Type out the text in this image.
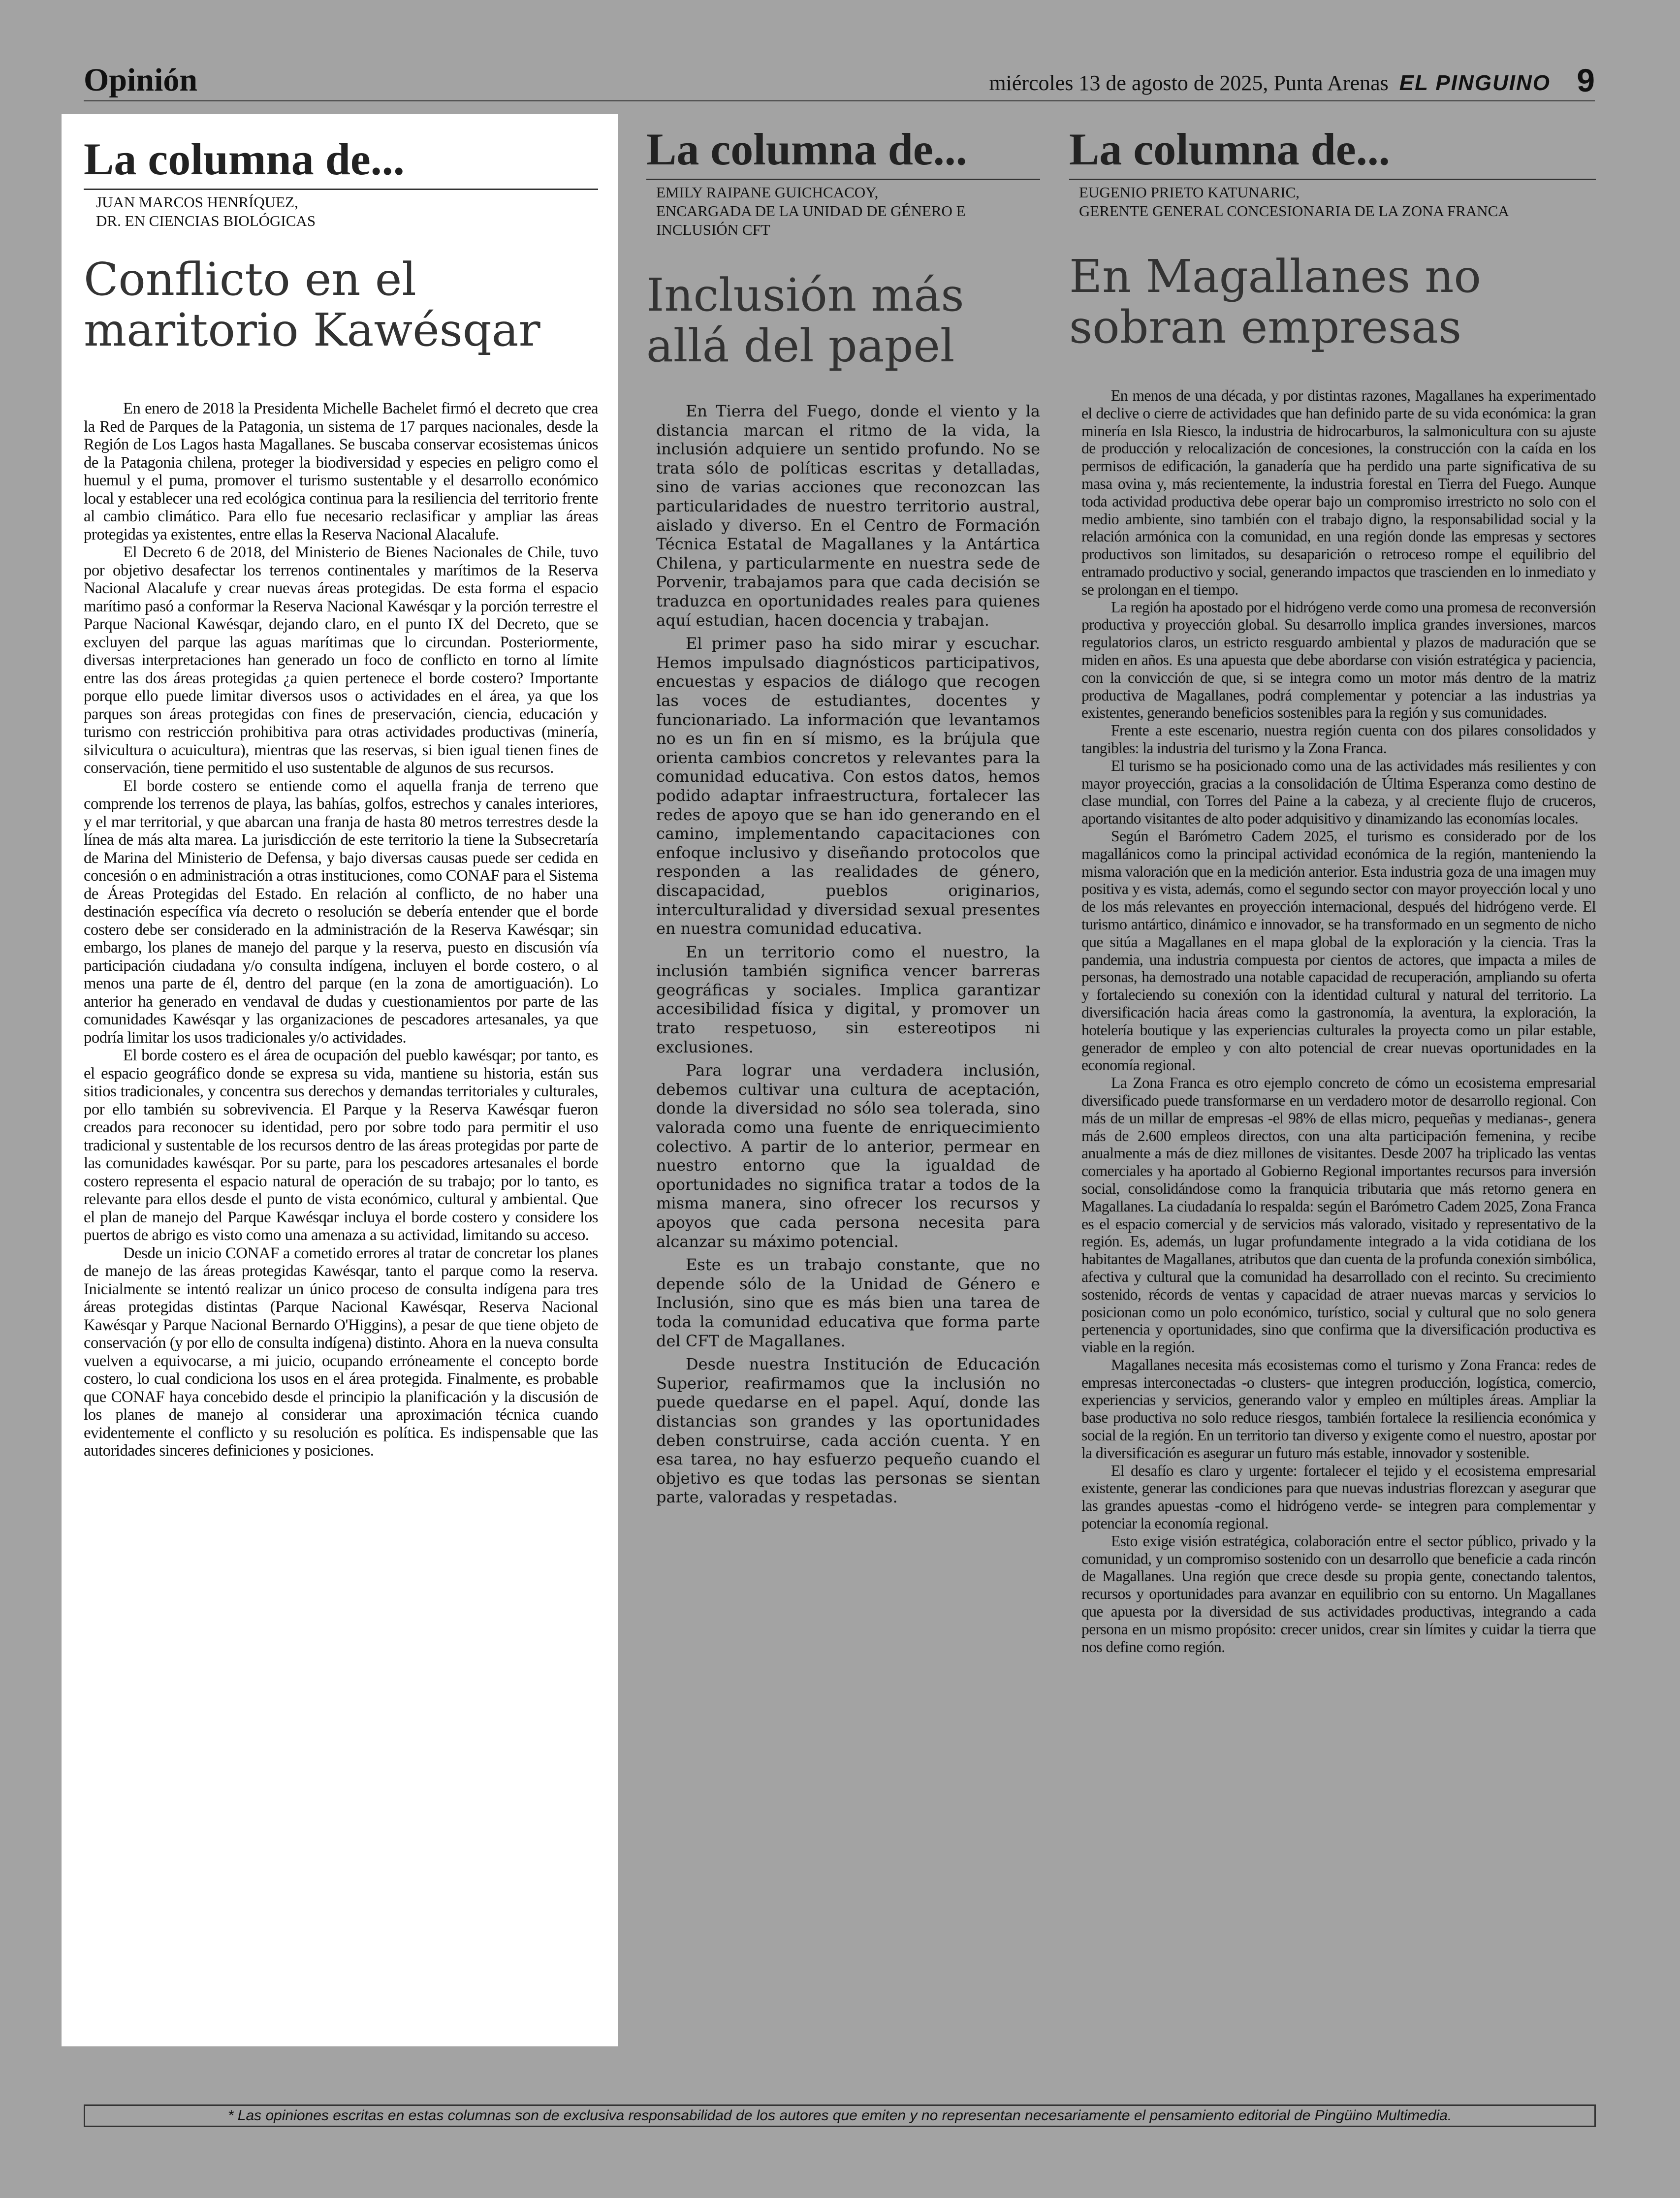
Opinión	miércoles 13 de agosto de 2025, Punta Arenas EL PINGUINO 9
La columna de...
JUAN MARCOS HENRÍQUEZ,
DR. EN CIENCIAS BIOLÓGICAS
Conflicto en el maritorio Kawésqar

En enero de 2018 la Presidenta Michelle Bachelet firmó el decreto que crea la Red de Parques de la Patagonia, un sistema de 17 parques nacionales, desde la Región de Los Lagos hasta Magallanes. Se buscaba conservar ecosistemas únicos de la Patagonia chilena, proteger la biodiversidad y especies en peligro como el huemul y el puma, promover el turismo sustentable y el desarrollo económico local y establecer una red ecológica continua para la resiliencia del territorio frente al cambio climático. Para ello fue necesario reclasificar y ampliar las áreas protegidas ya existentes, entre ellas la Reserva Nacional Alacalufe.

El Decreto 6 de 2018, del Ministerio de Bienes Nacionales de Chile, tuvo por objetivo desafectar los terrenos continentales y marítimos de la Reserva Nacional Alacalufe y crear nuevas áreas protegidas. De esta forma el espacio marítimo pasó a conformar la Reserva Nacional Kawésqar y la porción terrestre el Parque Nacional Kawésqar, dejando claro, en el punto IX del Decreto, que se excluyen del parque las aguas marítimas que lo circundan. Posteriormente, diversas interpretaciones han generado un foco de conflicto en torno al límite entre las dos áreas protegidas ¿a quien pertenece el borde costero? Importante porque ello puede limitar diversos usos o actividades en el área, ya que los parques son áreas protegidas con fines de preservación, ciencia, educación y turismo con restricción prohibitiva para otras actividades productivas (minería, silvicultura o acuicultura), mientras que las reservas, si bien igual tienen fines de conservación, tiene permitido el uso sustentable de algunos de sus recursos.

El borde costero se entiende como el aquella franja de terreno que comprende los terrenos de playa, las bahías, golfos, estrechos y canales interiores, y el mar territorial, y que abarcan una franja de hasta 80 metros terrestres desde la línea de más alta marea. La jurisdicción de este territorio la tiene la Subsecretaría de Marina del Ministerio de Defensa, y bajo diversas causas puede ser cedida en concesión o en administración a otras instituciones, como CONAF para el Sistema de Áreas Protegidas del Estado. En relación al conflicto, de no haber una destinación específica vía decreto o resolución se debería entender que el borde costero debe ser considerado en la administración de la Reserva Kawésqar; sin embargo, los planes de manejo del parque y la reserva, puesto en discusión vía participación ciudadana y/o consulta indígena, incluyen el borde costero, o al menos una parte de él, dentro del parque (en la zona de amortiguación). Lo anterior ha generado en vendaval de dudas y cuestionamientos por parte de las comunidades Kawésqar y las organizaciones de pescadores artesanales, ya que podría limitar los usos tradicionales y/o actividades.

El borde costero es el área de ocupación del pueblo kawésqar; por tanto, es el espacio geográfico donde se expresa su vida, mantiene su historia, están sus sitios tradicionales, y concentra sus derechos y demandas territoriales y culturales, por ello también su sobrevivencia. El Parque y la Reserva Kawésqar fueron creados para reconocer su identidad, pero por sobre todo para permitir el uso tradicional y sustentable de los recursos dentro de las áreas protegidas por parte de las comunidades kawésqar. Por su parte, para los pescadores artesanales el borde costero representa el espacio natural de operación de su trabajo; por lo tanto, es relevante para ellos desde el punto de vista económico, cultural y ambiental. Que el plan de manejo del Parque Kawésqar incluya el borde costero y considere los puertos de abrigo es visto como una amenaza a su actividad, limitando su acceso.

Desde un inicio CONAF a cometido errores al tratar de concretar los planes de manejo de las áreas protegidas Kawésqar, tanto el parque como la reserva. Inicialmente se intentó realizar un único proceso de consulta indígena para tres áreas protegidas distintas (Parque Nacional Kawésqar, Reserva Nacional Kawésqar y Parque Nacional Bernardo O'Higgins), a pesar de que tiene objeto de conservación (y por ello de consulta indígena) distinto. Ahora en la nueva consulta vuelven a equivocarse, a mi juicio, ocupando erróneamente el concepto borde costero, lo cual condiciona los usos en el área protegida. Finalmente, es probable que CONAF haya concebido desde el principio la planificación y la discusión de los planes de manejo al considerar una aproximación técnica cuando evidentemente el conflicto y su resolución es política. Es indispensable que las autoridades sinceres definiciones y posiciones.

La columna de...
EMILY RAIPANE GUICHCACOY,
ENCARGADA DE LA UNIDAD DE GÉNERO E INCLUSIÓN CFT
Inclusión más allá del papel

En Tierra del Fuego, donde el viento y la distancia marcan el ritmo de la vida, la inclusión adquiere un sentido profundo. No se trata sólo de políticas escritas y detalladas, sino de varias acciones que reconozcan las particularidades de nuestro territorio austral, aislado y diverso. En el Centro de Formación Técnica Estatal de Magallanes y la Antártica Chilena, y particularmente en nuestra sede de Porvenir, trabajamos para que cada decisión se traduzca en oportunidades reales para quienes aquí estudian, hacen docencia y trabajan.

El primer paso ha sido mirar y escuchar. Hemos impulsado diagnósticos participativos, encuestas y espacios de diálogo que recogen las voces de estudiantes, docentes y funcionariado. La información que levantamos no es un fin en sí mismo, es la brújula que orienta cambios concretos y relevantes para la comunidad educativa. Con estos datos, hemos podido adaptar infraestructura, fortalecer las redes de apoyo que se han ido generando en el camino, implementando capacitaciones con enfoque inclusivo y diseñando protocolos que responden a las realidades de género, discapacidad, pueblos originarios, interculturalidad y diversidad sexual presentes en nuestra comunidad educativa.

En un territorio como el nuestro, la inclusión también significa vencer barreras geográficas y sociales. Implica garantizar accesibilidad física y digital, y promover un trato respetuoso, sin estereotipos ni exclusiones.

Para lograr una verdadera inclusión, debemos cultivar una cultura de aceptación, donde la diversidad no sólo sea tolerada, sino valorada como una fuente de enriquecimiento colectivo. A partir de lo anterior, permear en nuestro entorno que la igualdad de oportunidades no significa tratar a todos de la misma manera, sino ofrecer los recursos y apoyos que cada persona necesita para alcanzar su máximo potencial.

Este es un trabajo constante, que no depende sólo de la Unidad de Género e Inclusión, sino que es más bien una tarea de toda la comunidad educativa que forma parte del CFT de Magallanes.

Desde nuestra Institución de Educación Superior, reafirmamos que la inclusión no puede quedarse en el papel. Aquí, donde las distancias son grandes y las oportunidades deben construirse, cada acción cuenta. Y en esa tarea, no hay esfuerzo pequeño cuando el objetivo es que todas las personas se sientan parte, valoradas y respetadas.

La columna de...
EUGENIO PRIETO KATUNARIC,
GERENTE GENERAL CONCESIONARIA DE LA ZONA FRANCA
En Magallanes no sobran empresas

En menos de una década, y por distintas razones, Magallanes ha experimentado el declive o cierre de actividades que han definido parte de su vida económica: la gran minería en Isla Riesco, la industria de hidrocarburos, la salmonicultura con su ajuste de producción y relocalización de concesiones, la construcción con la caída en los permisos de edificación, la ganadería que ha perdido una parte significativa de su masa ovina y, más recientemente, la industria forestal en Tierra del Fuego. Aunque toda actividad productiva debe operar bajo un compromiso irrestricto no solo con el medio ambiente, sino también con el trabajo digno, la responsabilidad social y la relación armónica con la comunidad, en una región donde las empresas y sectores productivos son limitados, su desaparición o retroceso rompe el equilibrio del entramado productivo y social, generando impactos que trascienden en lo inmediato y se prolongan en el tiempo.

La región ha apostado por el hidrógeno verde como una promesa de reconversión productiva y proyección global. Su desarrollo implica grandes inversiones, marcos regulatorios claros, un estricto resguardo ambiental y plazos de maduración que se miden en años. Es una apuesta que debe abordarse con visión estratégica y paciencia, con la convicción de que, si se integra como un motor más dentro de la matriz productiva de Magallanes, podrá complementar y potenciar a las industrias ya existentes, generando beneficios sostenibles para la región y sus comunidades.

Frente a este escenario, nuestra región cuenta con dos pilares consolidados y tangibles: la industria del turismo y la Zona Franca.

El turismo se ha posicionado como una de las actividades más resilientes y con mayor proyección, gracias a la consolidación de Última Esperanza como destino de clase mundial, con Torres del Paine a la cabeza, y al creciente flujo de cruceros, aportando visitantes de alto poder adquisitivo y dinamizando las economías locales.

Según el Barómetro Cadem 2025, el turismo es considerado por de los magallánicos como la principal actividad económica de la región, manteniendo la misma valoración que en la medición anterior. Esta industria goza de una imagen muy positiva y es vista, además, como el segundo sector con mayor proyección local y uno de los más relevantes en proyección internacional, después del hidrógeno verde. El turismo antártico, dinámico e innovador, se ha transformado en un segmento de nicho que sitúa a Magallanes en el mapa global de la exploración y la ciencia. Tras la pandemia, una industria compuesta por cientos de actores, que impacta a miles de personas, ha demostrado una notable capacidad de recuperación, ampliando su oferta y fortaleciendo su conexión con la identidad cultural y natural del territorio. La diversificación hacia áreas como la gastronomía, la aventura, la exploración, la hotelería boutique y las experiencias culturales la proyecta como un pilar estable, generador de empleo y con alto potencial de crear nuevas oportunidades en la economía regional.

La Zona Franca es otro ejemplo concreto de cómo un ecosistema empresarial diversificado puede transformarse en un verdadero motor de desarrollo regional. Con más de un millar de empresas -el 98% de ellas micro, pequeñas y medianas-, genera más de 2.600 empleos directos, con una alta participación femenina, y recibe anualmente a más de diez millones de visitantes. Desde 2007 ha triplicado las ventas comerciales y ha aportado al Gobierno Regional importantes recursos para inversión social, consolidándose como la franquicia tributaria que más retorno genera en Magallanes. La ciudadanía lo respalda: según el Barómetro Cadem 2025, Zona Franca es el espacio comercial y de servicios más valorado, visitado y representativo de la región. Es, además, un lugar profundamente integrado a la vida cotidiana de los habitantes de Magallanes, atributos que dan cuenta de la profunda conexión simbólica, afectiva y cultural que la comunidad ha desarrollado con el recinto. Su crecimiento sostenido, récords de ventas y capacidad de atraer nuevas marcas y servicios lo posicionan como un polo económico, turístico, social y cultural que no solo genera pertenencia y oportunidades, sino que confirma que la diversificación productiva es viable en la región.

Magallanes necesita más ecosistemas como el turismo y Zona Franca: redes de empresas interconectadas -o clusters- que integren producción, logística, comercio, experiencias y servicios, generando valor y empleo en múltiples áreas. Ampliar la base productiva no solo reduce riesgos, también fortalece la resiliencia económica y social de la región. En un territorio tan diverso y exigente como el nuestro, apostar por la diversificación es asegurar un futuro más estable, innovador y sostenible.

El desafío es claro y urgente: fortalecer el tejido y el ecosistema empresarial existente, generar las condiciones para que nuevas industrias florezcan y asegurar que las grandes apuestas -como el hidrógeno verde- se integren para complementar y potenciar la economía regional.

Esto exige visión estratégica, colaboración entre el sector público, privado y la comunidad, y un compromiso sostenido con un desarrollo que beneficie a cada rincón de Magallanes. Una región que crece desde su propia gente, conectando talentos, recursos y oportunidades para avanzar en equilibrio con su entorno. Un Magallanes que apuesta por la diversidad de sus actividades productivas, integrando a cada persona en un mismo propósito: crecer unidos, crear sin límites y cuidar la tierra que nos define como región.

* Las opiniones escritas en estas columnas son de exclusiva responsabilidad de los autores que emiten y no representan necesariamente el pensamiento editorial de Pingüino Multimedia.
